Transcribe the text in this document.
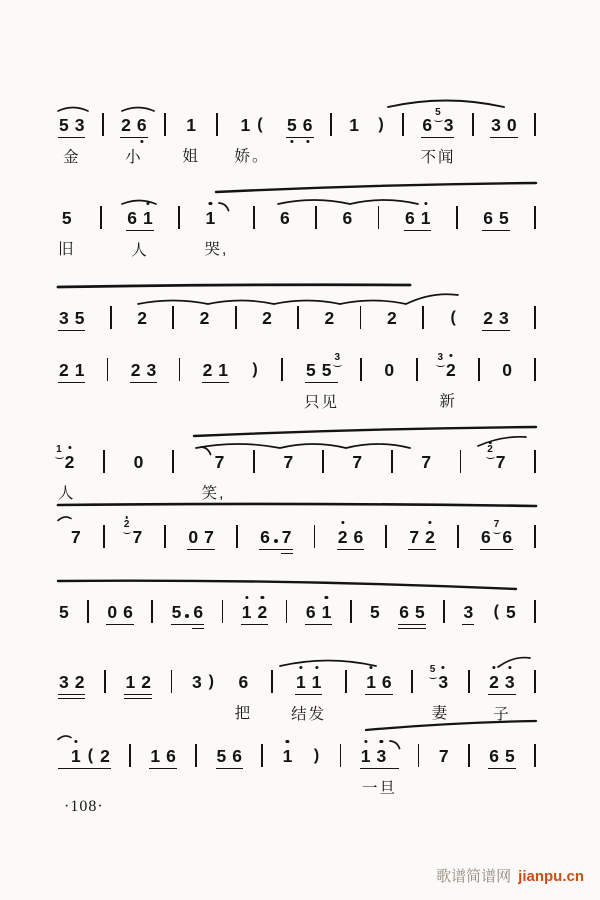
5 3
金
2 6
小
1
姐
1 (
娇。
5 6 1 ) 6
5
3
不闻
3 0
5
旧
6 1
人
1
哭,
6	6	6 1	6 5
3 5	2	2	2	2	2	( 2 3
2 1	2 3	2 1 )	5 5
3
只见
0
3
2
新
0
1
2
人
0	7
笑,
7	7	7
2
7
7
2
7	0 7	6 7	2 6	7 2	6
7
6
5 0 6 5 6 1 2 6 1 5 6 5 3 ( 5
3 2 1 2 3 ) 6
把
1 1
结发
1 6
5
3
妻
2 3
子
1 ( 2 1 6 5 6 1 ) 1 3
一旦
7 6 5
·108·
歌谱简谱网 jianpu.cn
